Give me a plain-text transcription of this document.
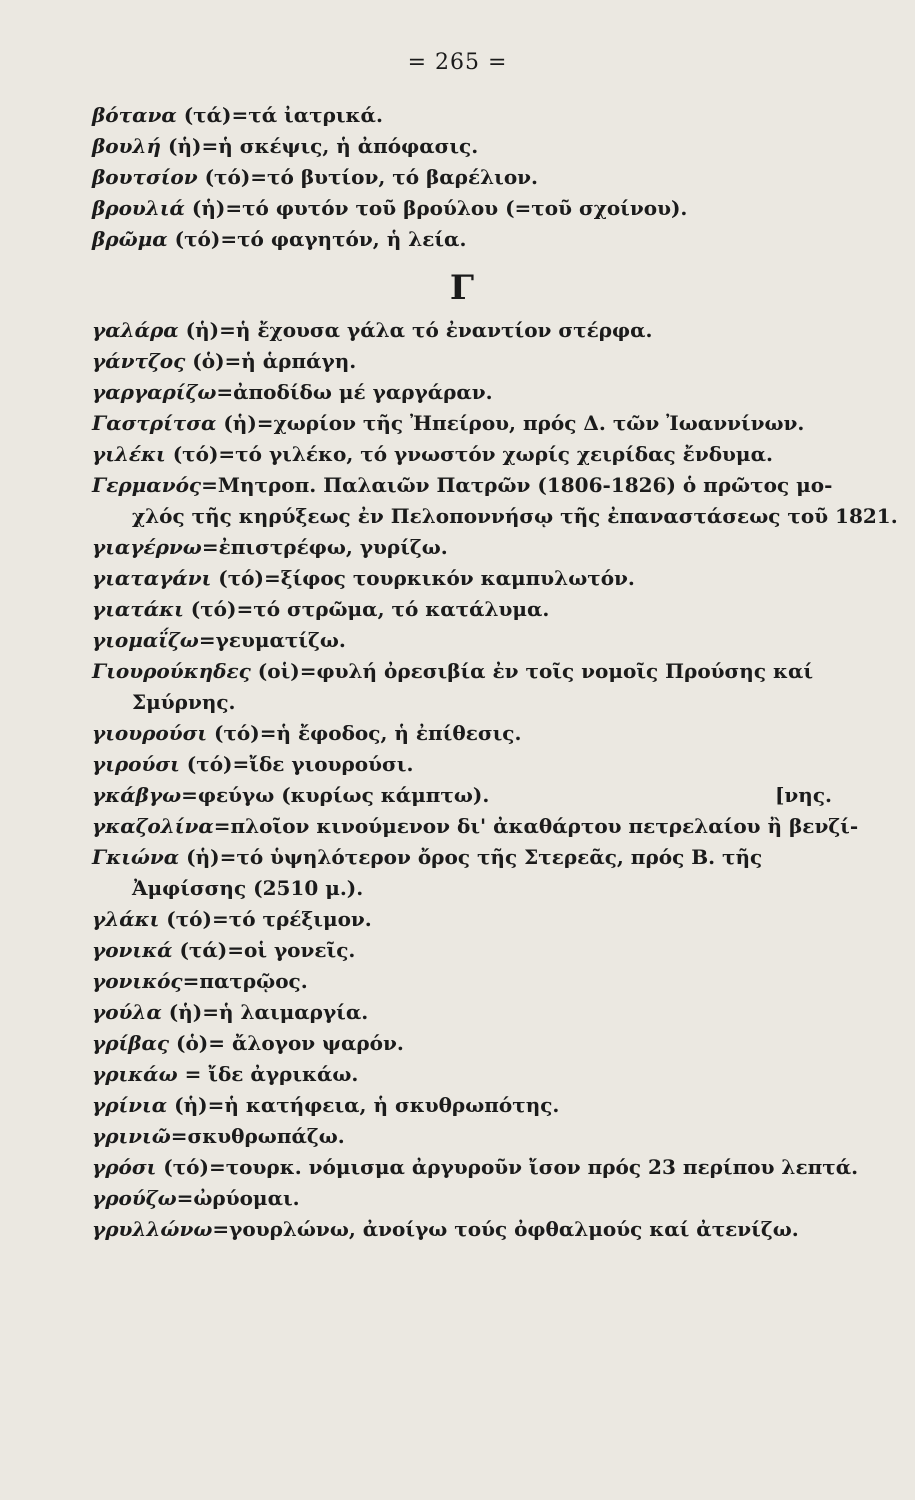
= 265 =
βότανα (τά)=τά ἰατρικά.
βουλή (ἡ)=ἡ σκέψις, ἡ ἀπόφασις.
βουτσίον (τό)=τό βυτίον, τό βαρέλιον.
βρουλιά (ἡ)=τό φυτόν τοῦ βρούλου (=τοῦ σχοίνου).
βρῶμα (τό)=τό φαγητόν, ἡ λεία.
Γ
γαλάρα (ἡ)=ἡ ἔχουσα γάλα τό ἐναντίον στέρφα.
γάντζος (ὁ)=ἡ ἁρπάγη.
γαργαρίζω=ἀποδίδω μέ γαργάραν.
Γαστρίτσα (ἡ)=χωρίον τῆς Ἠπείρου, πρός Δ. τῶν Ἰωαννίνων.
γιλέκι (τό)=τό γιλέκο, τό γνωστόν χωρίς χειρίδας ἔνδυμα.
Γερμανός=Μητροπ. Παλαιῶν Πατρῶν (1806-1826) ὁ πρῶτος μο-
χλός τῆς κηρύξεως ἐν Πελοποννήσῳ τῆς ἐπαναστάσεως τοῦ 1821.
γιαγέρνω=ἐπιστρέφω, γυρίζω.
γιαταγάνι (τό)=ξίφος τουρκικόν καμπυλωτόν.
γιατάκι (τό)=τό στρῶμα, τό κατάλυμα.
γιομαΐζω=γευματίζω.
Γιουρούκηδες (οἱ)=φυλή ὀρεσιβία ἐν τοῖς νομοῖς Προύσης καί
Σμύρνης.
γιουρούσι (τό)=ἡ ἔφοδος, ἡ ἐπίθεσις.
γιρούσι (τό)=ἴδε γιουρούσι.
γκάβγω=φεύγω (κυρίως κάμπτω).	[νης.
γκαζολίνα=πλοῖον κινούμενον δι' ἀκαθάρτου πετρελαίου ἢ βενζί-
Γκιώνα (ἡ)=τό ὑψηλότερον ὄρος τῆς Στερεᾶς, πρός Β. τῆς
Ἀμφίσσης (2510 μ.).
γλάκι (τό)=τό τρέξιμον.
γονικά (τά)=οἱ γονεῖς.
γονικός=πατρῷος.
γούλα (ἡ)=ἡ λαιμαργία.
γρίβας (ὁ)= ἄλογον ψαρόν.
γρικάω = ἴδε ἀγρικάω.
γρίνια (ἡ)=ἡ κατήφεια, ἡ σκυθρωπότης.
γρινιῶ=σκυθρωπάζω.
γρόσι (τό)=τουρκ. νόμισμα ἀργυροῦν ἴσον πρός 23 περίπου λεπτά.
γρούζω=ὠρύομαι.
γρυλλώνω=γουρλώνω, ἀνοίγω τούς ὀφθαλμούς καί ἀτενίζω.
